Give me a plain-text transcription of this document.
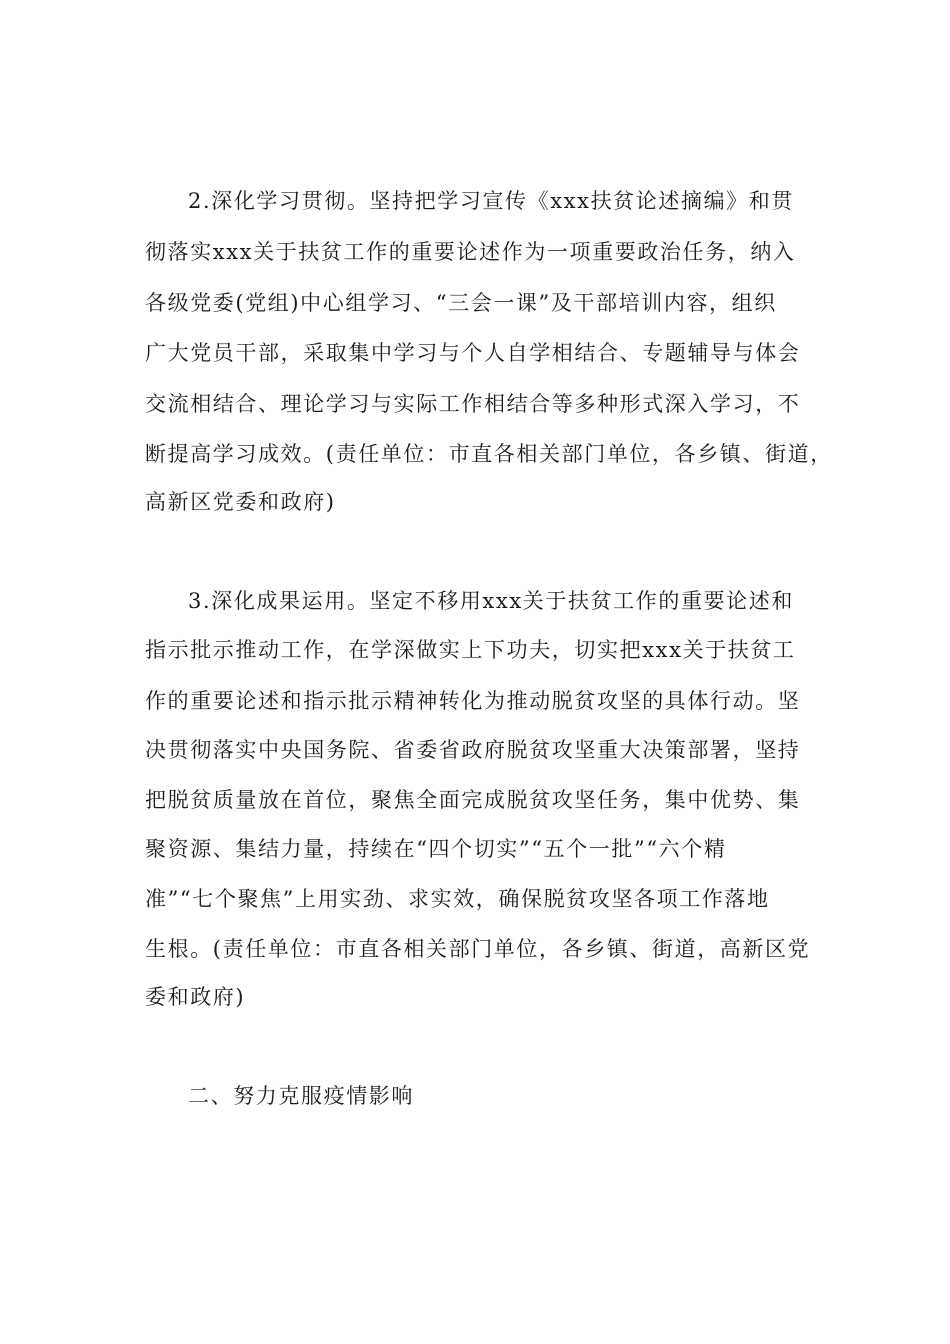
2.深化学习贯彻。坚持把学习宣传《xxx扶贫论述摘编》和贯
彻落实xxx关于扶贫工作的重要论述作为一项重要政治任务，纳入
各级党委(党组)中心组学习、“三会一课”及干部培训内容，组织
广大党员干部，采取集中学习与个人自学相结合、专题辅导与体会
交流相结合、理论学习与实际工作相结合等多种形式深入学习，不
断提高学习成效。(责任单位：市直各相关部门单位，各乡镇、街道，
高新区党委和政府)
3.深化成果运用。坚定不移用xxx关于扶贫工作的重要论述和
指示批示推动工作，在学深做实上下功夫，切实把xxx关于扶贫工
作的重要论述和指示批示精神转化为推动脱贫攻坚的具体行动。坚
决贯彻落实中央国务院、省委省政府脱贫攻坚重大决策部署，坚持
把脱贫质量放在首位，聚焦全面完成脱贫攻坚任务，集中优势、集
聚资源、集结力量，持续在“四个切实”“五个一批”“六个精
准”“七个聚焦”上用实劲、求实效，确保脱贫攻坚各项工作落地
生根。(责任单位：市直各相关部门单位，各乡镇、街道，高新区党
委和政府)
二、努力克服疫情影响
